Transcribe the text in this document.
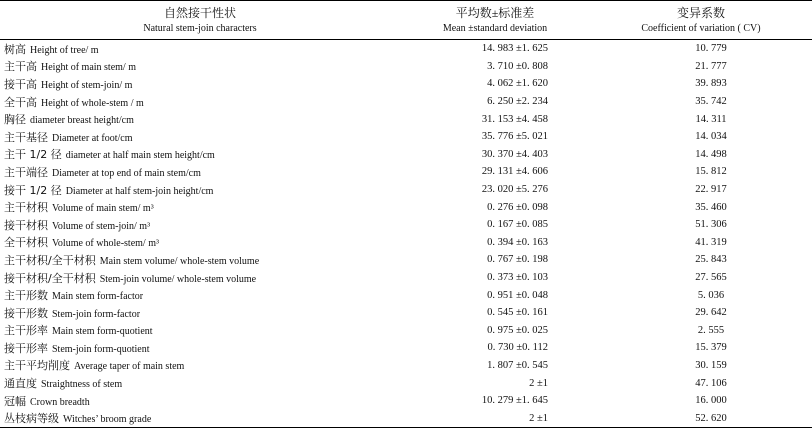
自然接干性状	平均数±标准差	变异系数
Natural stem-join characters	Mean ±standard deviation	Coefficient of variation ( CV)
树高 Height of tree/ m	14. 983 ±1. 625	10. 779
主干高 Height of main stem/ m	3. 710 ±0. 808	21. 777
接干高 Height of stem-join/ m	4. 062 ±1. 620	39. 893
全干高 Height of whole-stem / m	6. 250 ±2. 234	35. 742
胸径 diameter breast height/cm	31. 153 ±4. 458	14. 311
主干基径 Diameter at foot/cm	35. 776 ±5. 021	14. 034
主干 1/2 径 diameter at half main stem height/cm	30. 370 ±4. 403	14. 498
主干端径 Diameter at top end of main stem/cm	29. 131 ±4. 606	15. 812
接干 1/2 径 Diameter at half stem-join height/cm	23. 020 ±5. 276	22. 917
主干材积 Volume of main stem/ m³	0. 276 ±0. 098	35. 460
接干材积 Volume of stem-join/ m³	0. 167 ±0. 085	51. 306
全干材积 Volume of whole-stem/ m³	0. 394 ±0. 163	41. 319
主干材积/全干材积 Main stem volume/ whole-stem volume	0. 767 ±0. 198	25. 843
接干材积/全干材积 Stem-join volume/ whole-stem volume	0. 373 ±0. 103	27. 565
主干形数 Main stem form-factor	0. 951 ±0. 048	5. 036
接干形数 Stem-join form-factor	0. 545 ±0. 161	29. 642
主干形率 Main stem form-quotient	0. 975 ±0. 025	2. 555
接干形率 Stem-join form-quotient	0. 730 ±0. 112	15. 379
主干平均削度 Average taper of main stem	1. 807 ±0. 545	30. 159
通直度 Straightness of stem	2 ±1	47. 106
冠幅 Crown breadth	10. 279 ±1. 645	16. 000
丛枝病等级 Witches’ broom grade	2 ±1	52. 620
